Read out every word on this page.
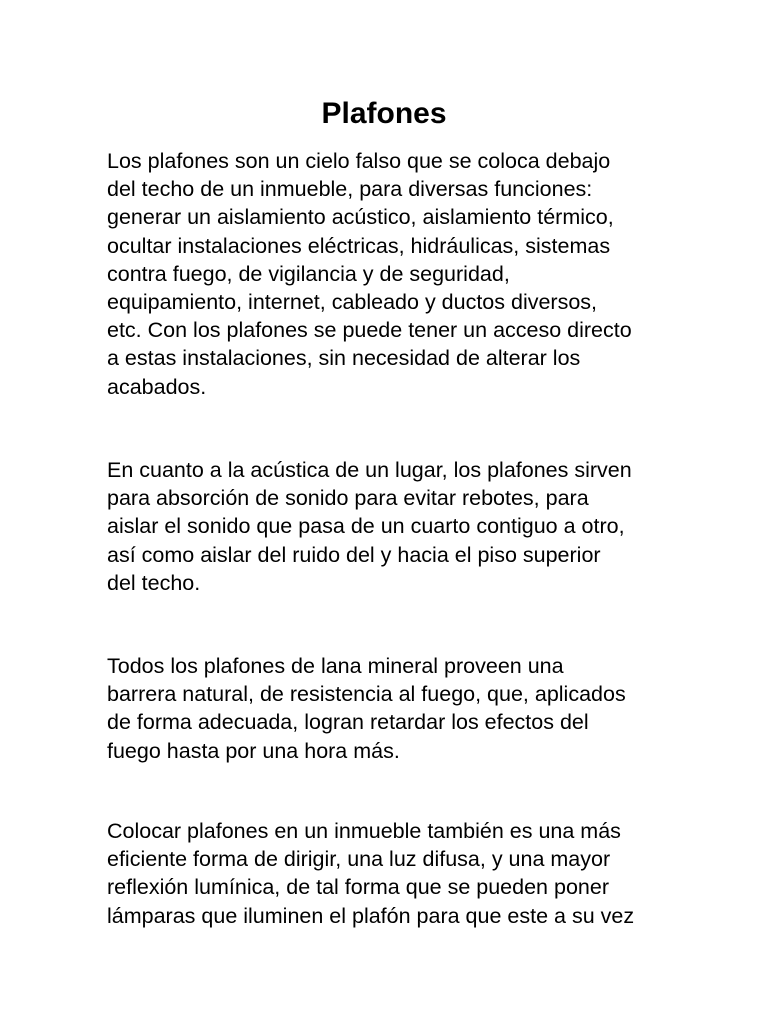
Plafones

Los plafones son un cielo falso que se coloca debajo
del techo de un inmueble, para diversas funciones:
generar un aislamiento acústico, aislamiento térmico,
ocultar instalaciones eléctricas, hidráulicas, sistemas
contra fuego, de vigilancia y de seguridad,
equipamiento, internet, cableado y ductos diversos,
etc. Con los plafones se puede tener un acceso directo
a estas instalaciones, sin necesidad de alterar los
acabados.

En cuanto a la acústica de un lugar, los plafones sirven
para absorción de sonido para evitar rebotes, para
aislar el sonido que pasa de un cuarto contiguo a otro,
así como aislar del ruido del y hacia el piso superior
del techo.

Todos los plafones de lana mineral proveen una
barrera natural, de resistencia al fuego, que, aplicados
de forma adecuada, logran retardar los efectos del
fuego hasta por una hora más.

Colocar plafones en un inmueble también es una más
eficiente forma de dirigir, una luz difusa, y una mayor
reflexión lumínica, de tal forma que se pueden poner
lámparas que iluminen el plafón para que este a su vez
